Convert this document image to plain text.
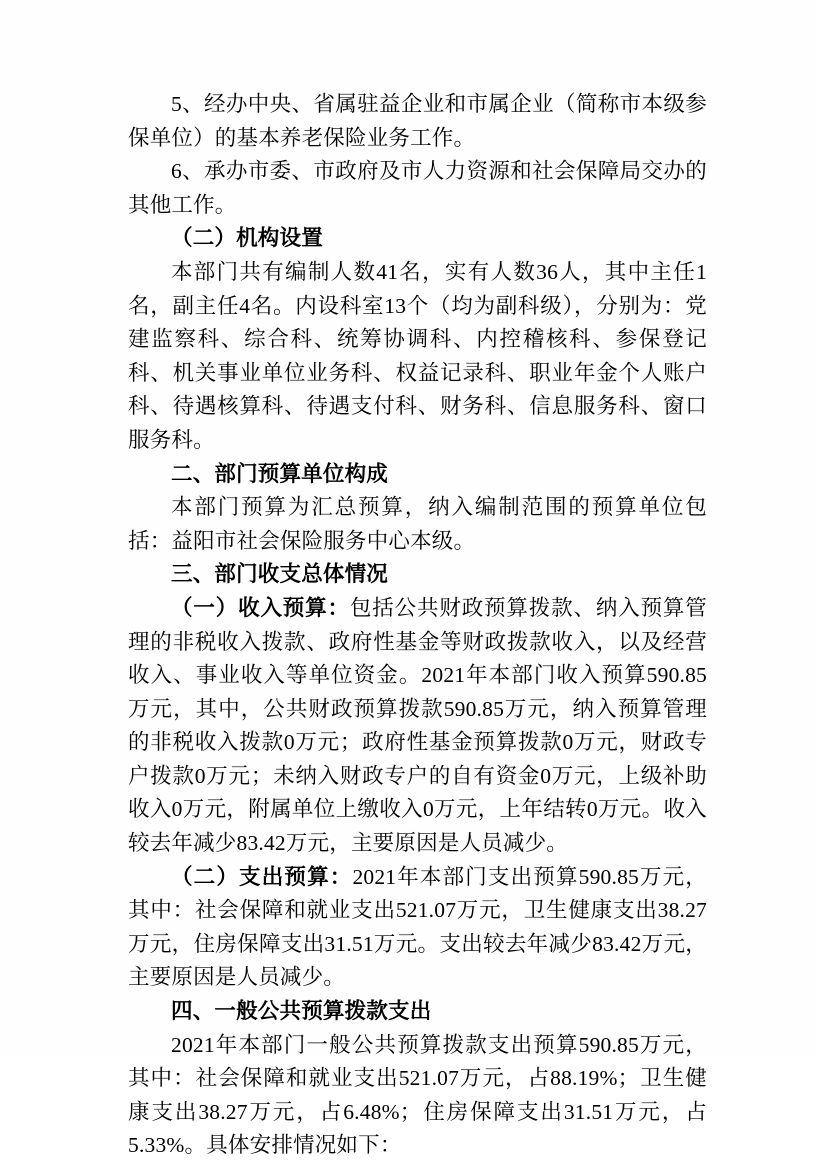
5、经办中央、省属驻益企业和市属企业（简称市本级参保单位）的基本养老保险业务工作。

6、承办市委、市政府及市人力资源和社会保障局交办的其他工作。

（二）机构设置

本部门共有编制人数41名，实有人数36人，其中主任1名，副主任4名。内设科室13个（均为副科级），分别为：党建监察科、综合科、统筹协调科、内控稽核科、参保登记科、机关事业单位业务科、权益记录科、职业年金个人账户科、待遇核算科、待遇支付科、财务科、信息服务科、窗口服务科。

二、部门预算单位构成

本部门预算为汇总预算，纳入编制范围的预算单位包括：益阳市社会保险服务中心本级。

三、部门收支总体情况

（一）收入预算：包括公共财政预算拨款、纳入预算管理的非税收入拨款、政府性基金等财政拨款收入，以及经营收入、事业收入等单位资金。2021年本部门收入预算590.85万元，其中，公共财政预算拨款590.85万元，纳入预算管理的非税收入拨款0万元；政府性基金预算拨款0万元，财政专户拨款0万元；未纳入财政专户的自有资金0万元，上级补助收入0万元，附属单位上缴收入0万元，上年结转0万元。收入较去年减少83.42万元，主要原因是人员减少。

（二）支出预算：2021年本部门支出预算590.85万元，其中：社会保障和就业支出521.07万元，卫生健康支出38.27万元，住房保障支出31.51万元。支出较去年减少83.42万元，主要原因是人员减少。

四、一般公共预算拨款支出

2021年本部门一般公共预算拨款支出预算590.85万元，其中：社会保障和就业支出521.07万元，占88.19%；卫生健康支出38.27万元，占6.48%；住房保障支出31.51万元，占5.33%。具体安排情况如下：
